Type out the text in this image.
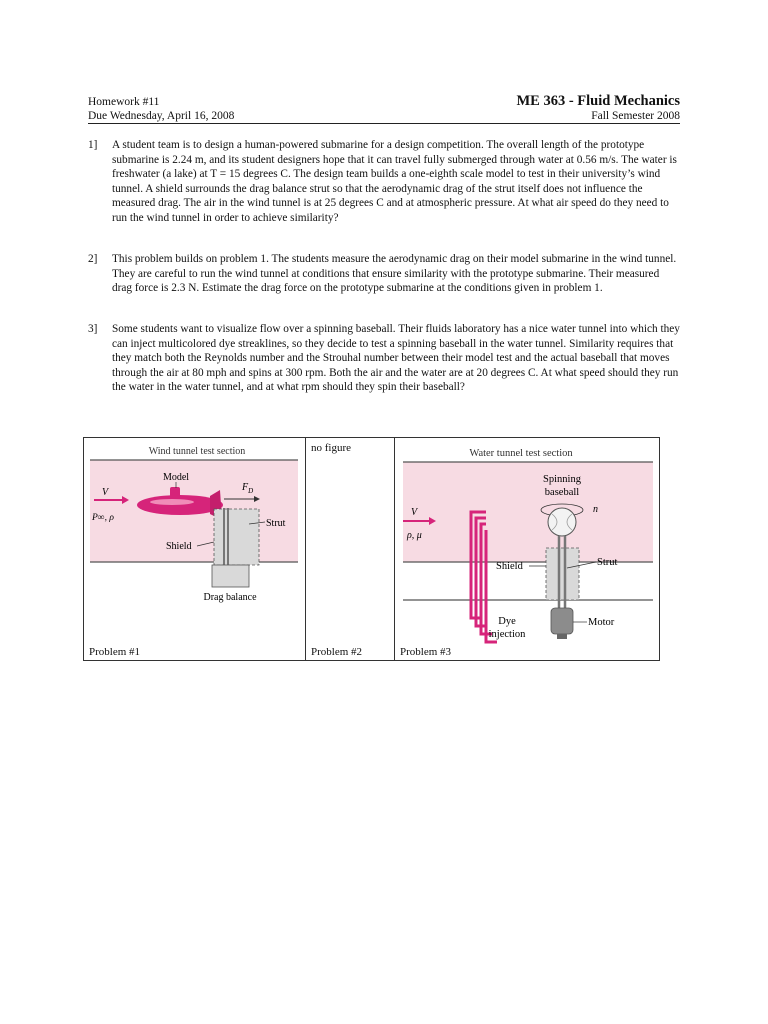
Homework #11
Due Wednesday, April 16, 2008
ME 363 - Fluid Mechanics
Fall Semester 2008
1] A student team is to design a human-powered submarine for a design competition. The overall length of the prototype submarine is 2.24 m, and its student designers hope that it can travel fully submerged through water at 0.56 m/s. The water is freshwater (a lake) at T = 15 degrees C. The design team builds a one-eighth scale model to test in their university’s wind tunnel. A shield surrounds the drag balance strut so that the aerodynamic drag of the strut itself does not influence the measured drag. The air in the wind tunnel is at 25 degrees C and at atmospheric pressure. At what air speed do they need to run the wind tunnel in order to achieve similarity?
2] This problem builds on problem 1. The students measure the aerodynamic drag on their model submarine in the wind tunnel. They are careful to run the wind tunnel at conditions that ensure similarity with the prototype submarine. Their measured drag force is 2.3 N. Estimate the drag force on the prototype submarine at the conditions given in problem 1.
3] Some students want to visualize flow over a spinning baseball. Their fluids laboratory has a nice water tunnel into which they can inject multicolored dye streaklines, so they decide to test a spinning baseball in the water tunnel. Similarity requires that they match both the Reynolds number and the Strouhal number between their model test and the actual baseball that moves through the air at 80 mph and spins at 300 rpm. Both the air and the water are at 20 degrees C. At what speed should they run the water in the water tunnel, and at what rpm should they spin their baseball?
Wind tunnel test section
V
P∞, ρ
Model
$F_D$
Strut
Shield
Drag balance
Problem #1
no figure
Problem #2
Water tunnel test section
V
ρ, μ
Dye
injection
Spinning
baseball
n
Shield	Strut
Motor
Problem #3
